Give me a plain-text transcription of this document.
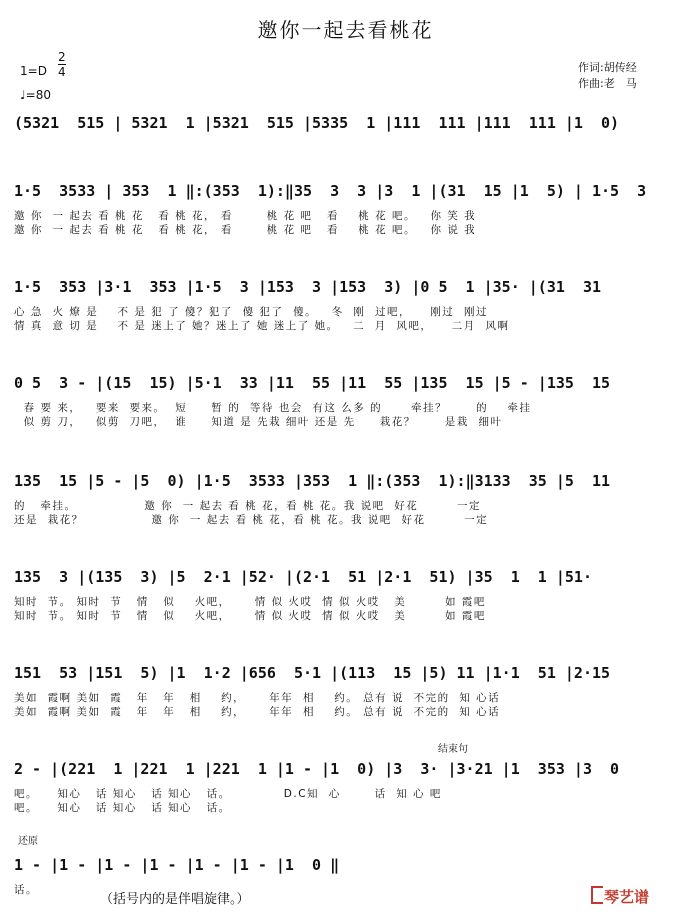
邀你一起去看桃花
1=D
2
4
♩=80
作词:胡传经
作曲:老　马
(5321  515 | 5321  1 |5321  515 |5335  1 |111  111 |111  111 |1  0)
1·5  3533 | 353  1 ‖:(353  1):‖35  3  3 |3  1 |(31  15 |1  5) | 1·5  3
邀 你  一 起去 看 桃 花   看 桃 花， 看       桃 花 吧   看    桃 花 吧。   你 笑 我
邀 你  一 起去 看 桃 花   看 桃 花， 看       桃 花 吧   看    桃 花 吧。   你 说 我
1·5  353 |3·1  353 |1·5  3 |153  3 |153  3) |0 5  1 |35· |(31  31
心 急  火 燎 是    不 是 犯 了 傻？犯了  傻 犯了  傻。   冬  刚  过吧，    刚过  刚过
情 真  意 切 是    不 是 迷上了 她？迷上了 她 迷上了 她。   二  月  风吧，    二月  风啊
0 5  3 - |(15  15) |5·1  33 |11  55 |11  55 |135  15 |5 - |135  15
春 要 来，   要来  要来。  短     暂 的  等待 也会  有这 么多 的      牵挂？      的    牵挂
似 剪 刀，   似剪  刀吧，  谁     知道 是 先栽 细叶 还是 先     栽花？      是栽  细叶
135  15 |5 - |5  0) |1·5  3533 |353  1 ‖:(353  1):‖3133  35 |5  11
的   牵挂。              邀 你  一 起去 看 桃 花，看 桃 花。我 说吧  好花        一定
还是  栽花？              邀 你  一 起去 看 桃 花，看 桃 花。我 说吧  好花        一定
135  3 |(135  3) |5  2·1 |52· |(2·1  51 |2·1  51) |35  1  1 |51·
知时  节。 知时  节   情   似    火吧，     情 似 火哎  情 似 火哎   美        如 霞吧
知时  节。 知时  节   情   似    火吧，     情 似 火哎  情 似 火哎   美        如 霞吧
151  53 |151  5) |1  1·2 |656  5·1 |(113  15 |5) 11 |1·1  51 |2·15
美如  霞啊 美如  霞   年   年   相    约，     年年  相    约。 总有 说  不完的  知 心话
美如  霞啊 美如  霞   年   年   相    约，     年年  相    约。 总有 说  不完的  知 心话
结束句
2 - |(221  1 |221  1 |221  1 |1 - |1  0) |3  3· |3·21 |1  353 |3  0
吧。    知心   话 知心   话 知心   话。           D.C知  心       话  知 心 吧
吧。    知心   话 知心   话 知心   话。
还原
1 - |1 - |1 - |1 - |1 - |1 - |1  0 ‖
话。
（括号内的是伴唱旋律。）	琴艺谱
